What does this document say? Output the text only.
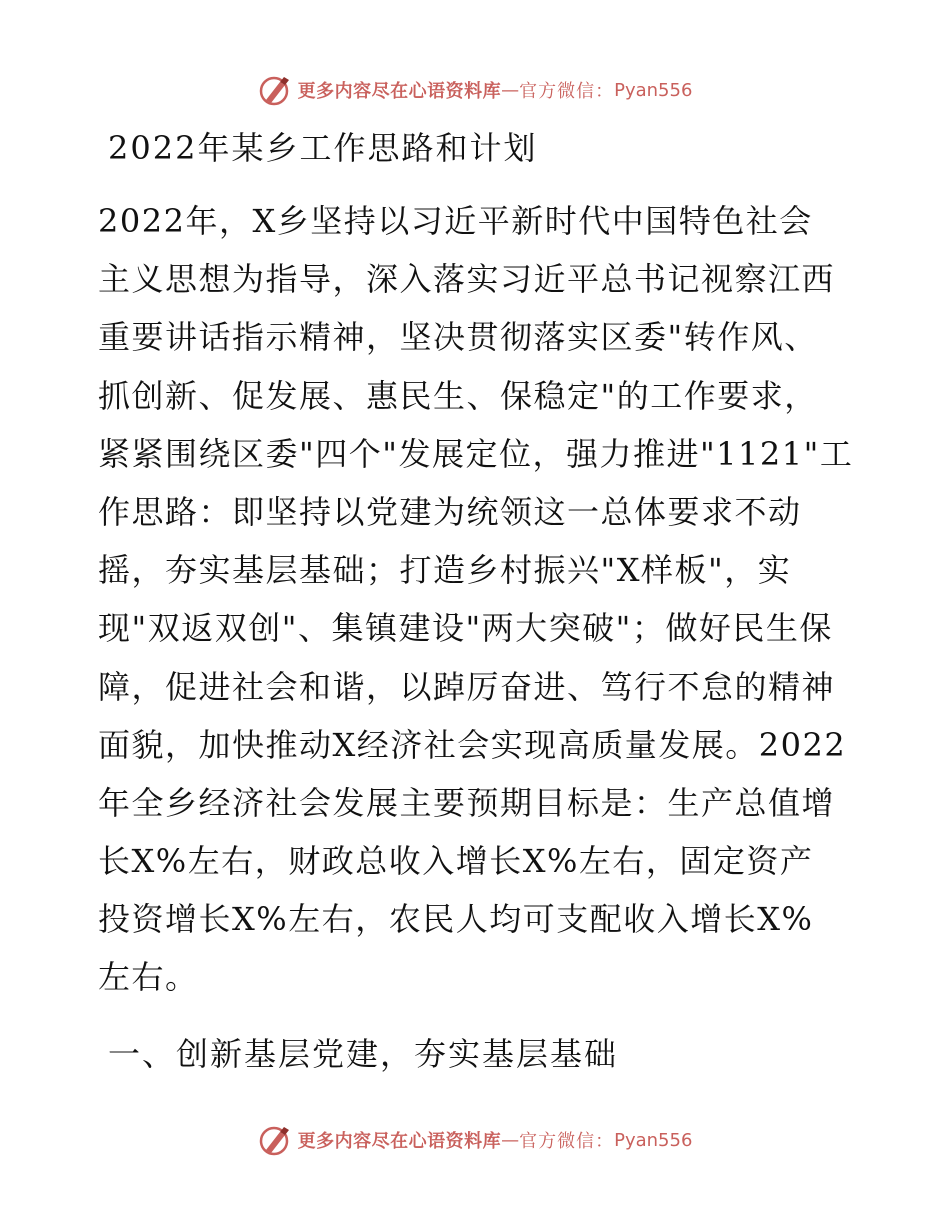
更多内容尽在心语资料库 — 官方微信： Pyan556
2022年某乡工作思路和计划
2022年，X乡坚持以习近平新时代中国特色社会
主义思想为指导，深入落实习近平总书记视察江西
重要讲话指示精神，坚决贯彻落实区委"转作风、
抓创新、促发展、惠民生、保稳定"的工作要求，
紧紧围绕区委"四个"发展定位，强力推进"1121"工
作思路：即坚持以党建为统领这一总体要求不动
摇，夯实基层基础；打造乡村振兴"X样板"，实
现"双返双创"、集镇建设"两大突破"；做好民生保
障，促进社会和谐，以踔厉奋进、笃行不怠的精神
面貌，加快推动X经济社会实现高质量发展。2022
年全乡经济社会发展主要预期目标是：生产总值增
长X%左右，财政总收入增长X%左右，固定资产
投资增长X%左右，农民人均可支配收入增长X%
左右。
一、创新基层党建，夯实基层基础
更多内容尽在心语资料库 — 官方微信： Pyan556
